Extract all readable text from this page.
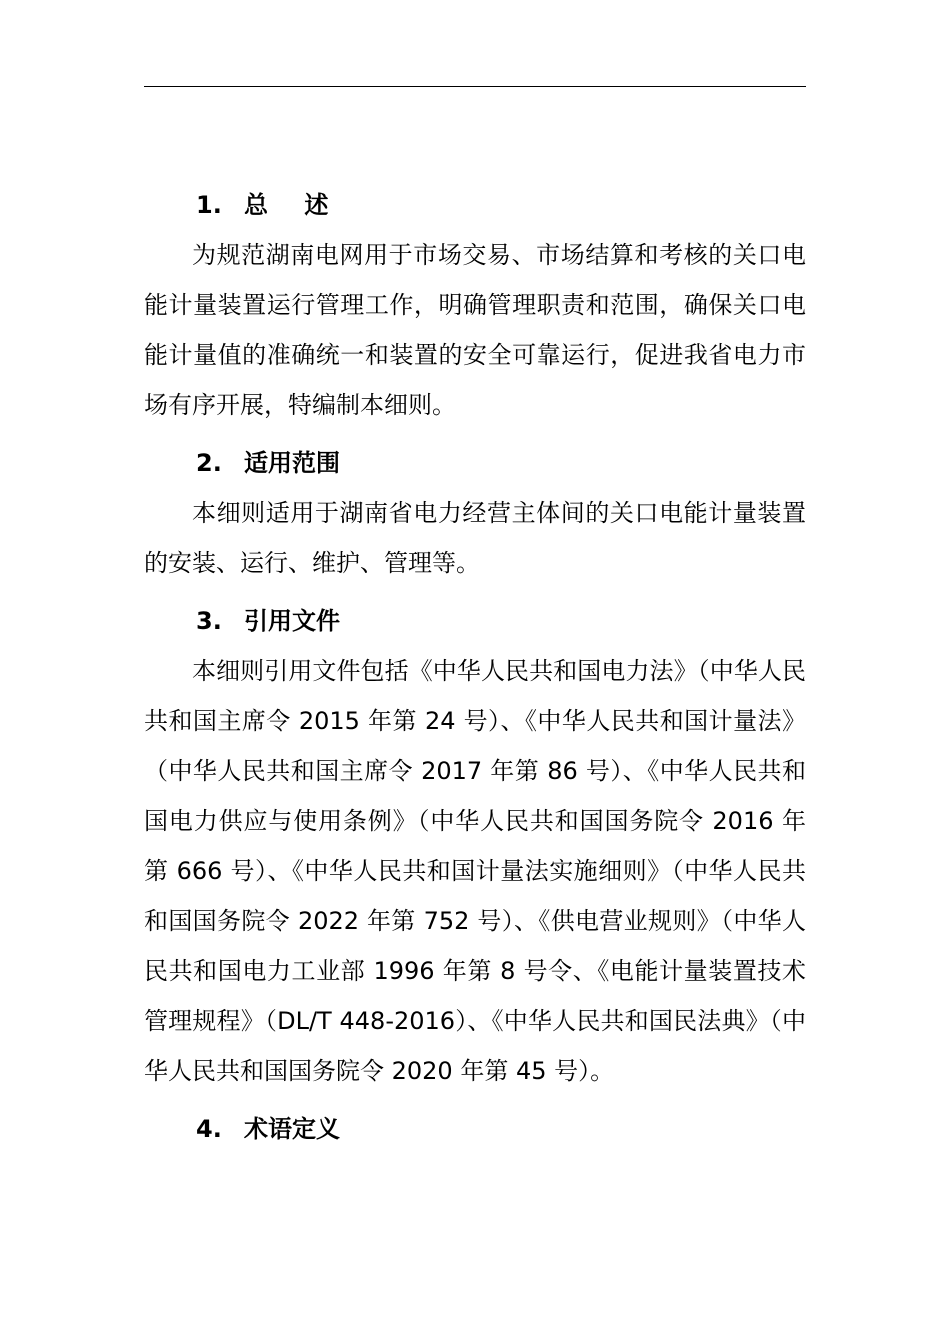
1. 总 述

为规范湖南电网用于市场交易、市场结算和考核的关口电能计量装置运行管理工作，明确管理职责和范围，确保关口电能计量值的准确统一和装置的安全可靠运行，促进我省电力市场有序开展，特编制本细则。

2. 适用范围

本细则适用于湖南省电力经营主体间的关口电能计量装置的安装、运行、维护、管理等。

3. 引用文件

本细则引用文件包括《中华人民共和国电力法》（中华人民共和国主席令 2015 年第 24 号）、《中华人民共和国计量法》（中华人民共和国主席令 2017 年第 86 号）、《中华人民共和国电力供应与使用条例》（中华人民共和国国务院令 2016 年第 666 号）、《中华人民共和国计量法实施细则》（中华人民共和国国务院令 2022 年第 752 号）、《供电营业规则》（中华人民共和国电力工业部 1996 年第 8 号令、《电能计量装置技术管理规程》（DL/T 448-2016）、《中华人民共和国民法典》（中华人民共和国国务院令 2020 年第 45 号）。

4. 术语定义
